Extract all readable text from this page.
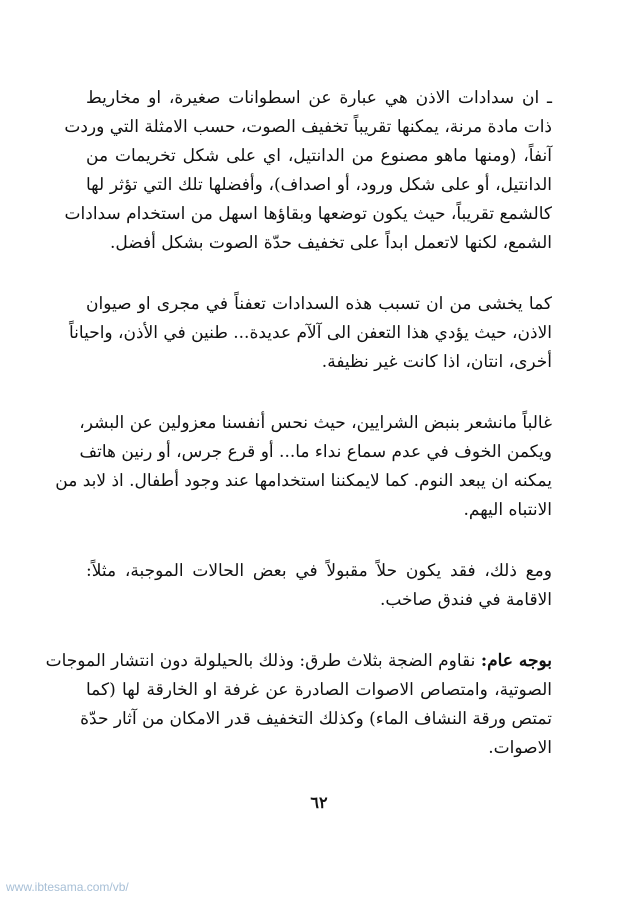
ـ ان سدادات الاذن هي عبارة عن اسطوانات صغيرة، او مخاريط
ذات مادة مرنة، يمكنها تقريباً تخفيف الصوت، حسب الامثلة التي وردت
آنفاً، (ومنها ماهو مصنوع من الدانتيل، اي على شكل تخريمات من
الدانتيل، أو على شكل ورود، أو اصداف)، وأفضلها تلك التي تؤثر لها
كالشمع تقريباً، حيث يكون توضعها وبقاؤها اسهل من استخدام سدادات
الشمع، لكنها لاتعمل ابداً على تخفيف حدّة الصوت بشكل أفضل.
كما يخشى من ان تسبب هذه السدادات تعفناً في مجرى او صيوان
الاذن، حيث يؤدي هذا التعفن الى آلآم عديدة... طنين في الأذن، واحياناً
أخرى، انتان، اذا كانت غير نظيفة.
غالباً مانشعر بنبض الشرايين، حيث نحس أنفسنا معزولين عن البشر،
ويكمن الخوف في عدم سماع نداء ما... أو قرع جرس، أو رنين هاتف
يمكنه ان يبعد النوم. كما لايمكننا استخدامها عند وجود أطفال. اذ لابد من
الانتباه اليهم.
ومع ذلك، فقد يكون حلاً مقبولاً في بعض الحالات الموجبة، مثلاً:
الاقامة في فندق صاخب.
بوجه عام: نقاوم الضجة بثلاث طرق: وذلك بالحيلولة دون انتشار الموجات
الصوتية، وامتصاص الاصوات الصادرة عن غرفة او الخارقة لها (كما
تمتص ورقة النشاف الماء) وكذلك التخفيف قدر الامكان من آثار حدّة
الاصوات.
٦٢
www.ibtesama.com/vb/
